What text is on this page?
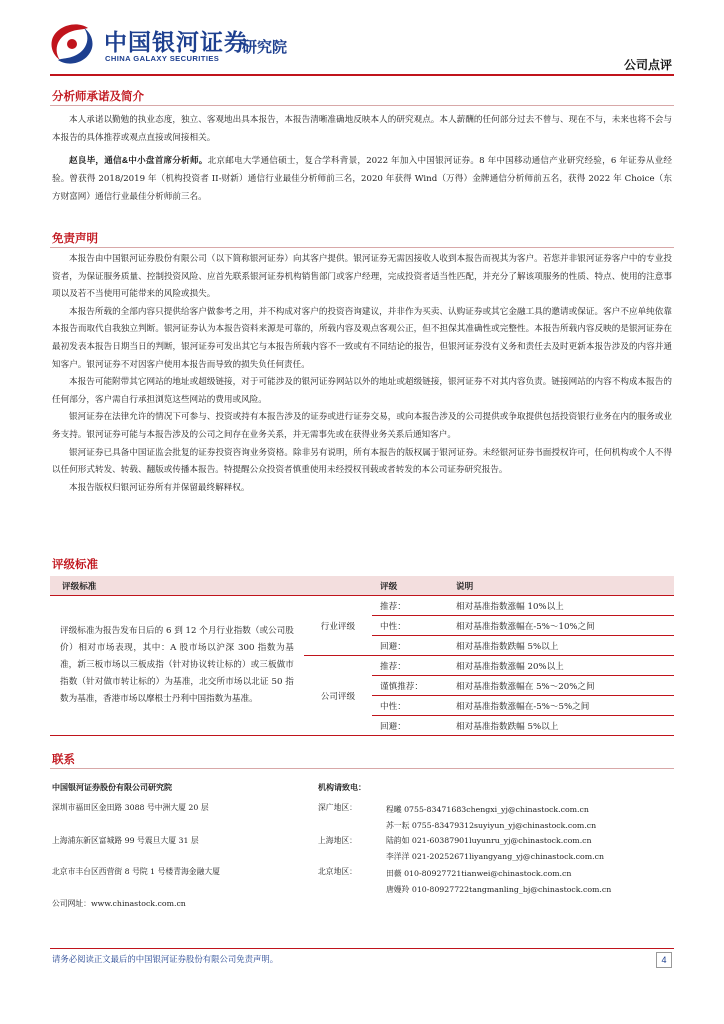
中国银河证券
CHINA GALAXY SECURITIES
研究院
公司点评
分析师承诺及简介

本人承诺以勤勉的执业态度，独立、客观地出具本报告，本报告清晰准确地反映本人的研究观点。本人薪酬的任何部分过去不曾与、现在不与，未来也将不会与本报告的具体推荐或观点直接或间接相关。

赵良毕，通信&中小盘首席分析师。北京邮电大学通信硕士，复合学科背景，2022 年加入中国银河证券。8 年中国移动通信产业研究经验，6 年证券从业经验。曾获得 2018/2019 年（机构投资者 II-财新）通信行业最佳分析师前三名，2020 年获得 Wind（万得）金牌通信分析师前五名，获得 2022 年 Choice（东方财富网）通信行业最佳分析师前三名。

免责声明

本报告由中国银河证券股份有限公司（以下简称银河证券）向其客户提供。银河证券无需因接收人收到本报告而视其为客户。若您并非银河证券客户中的专业投资者，为保证服务质量、控制投资风险、应首先联系银河证券机构销售部门或客户经理，完成投资者适当性匹配，并充分了解该项服务的性质、特点、使用的注意事项以及若不当使用可能带来的风险或损失。

本报告所载的全部内容只提供给客户做参考之用，并不构成对客户的投资咨询建议，并非作为买卖、认购证券或其它金融工具的邀请或保证。客户不应单纯依靠本报告而取代自我独立判断。银河证券认为本报告资料来源是可靠的，所载内容及观点客观公正，但不担保其准确性或完整性。本报告所载内容反映的是银河证券在最初发表本报告日期当日的判断，银河证券可发出其它与本报告所载内容不一致或有不同结论的报告，但银河证券没有义务和责任去及时更新本报告涉及的内容并通知客户。银河证券不对因客户使用本报告而导致的损失负任何责任。

本报告可能附带其它网站的地址或超级链接，对于可能涉及的银河证券网站以外的地址或超级链接，银河证券不对其内容负责。链接网站的内容不构成本报告的任何部分，客户需自行承担浏览这些网站的费用或风险。

银河证券在法律允许的情况下可参与、投资或持有本报告涉及的证券或进行证券交易，或向本报告涉及的公司提供或争取提供包括投资银行业务在内的服务或业务支持。银河证券可能与本报告涉及的公司之间存在业务关系，并无需事先或在获得业务关系后通知客户。

银河证券已具备中国证监会批复的证券投资咨询业务资格。除非另有说明，所有本报告的版权属于银河证券。未经银河证券书面授权许可，任何机构或个人不得以任何形式转发、转载、翻版或传播本报告。特提醒公众投资者慎重使用未经授权刊载或者转发的本公司证券研究报告。

本报告版权归银河证券所有并保留最终解释权。

评级标准
评级标准		评级	说明
评级标准为报告发布日后的 6 到 12 个月行业指数（或公司股价）相对市场表现，其中：A 股市场以沪深 300 指数为基准，新三板市场以三板成指（针对协议转让标的）或三板做市指数（针对做市转让标的）为基准，北交所市场以北证 50 指数为基准，香港市场以摩根士丹利中国指数为基准。	行业评级	推荐：	相对基准指数涨幅 10%以上
		中性：	相对基准指数涨幅在-5%～10%之间
		回避：	相对基准指数跌幅 5%以上
	公司评级	推荐：	相对基准指数涨幅 20%以上
		谨慎推荐：	相对基准指数涨幅在 5%～20%之间
		中性：	相对基准指数涨幅在-5%～5%之间
		回避：	相对基准指数跌幅 5%以上
联系
中国银河证券股份有限公司研究院	机构请致电：
深圳市福田区金田路 3088 号中洲大厦 20 层	深广地区：	程曦 0755-83471683chengxi_yj@chinastock.com.cn
苏一耘 0755-83479312suyiyun_yj@chinastock.com.cn
上海浦东新区富城路 99 号震旦大厦 31 层	上海地区：	陆韵如 021-60387901luyunru_yj@chinastock.com.cn
李洋洋 021-20252671liyangyang_yj@chinastock.com.cn
北京市丰台区西营街 8 号院 1 号楼青海金融大厦	北京地区：	田薇 010-80927721tianwei@chinastock.com.cn
唐嫚羚 010-80927722tangmanling_bj@chinastock.com.cn
公司网址：www.chinastock.com.cn
请务必阅读正文最后的中国银河证券股份有限公司免责声明。	4
